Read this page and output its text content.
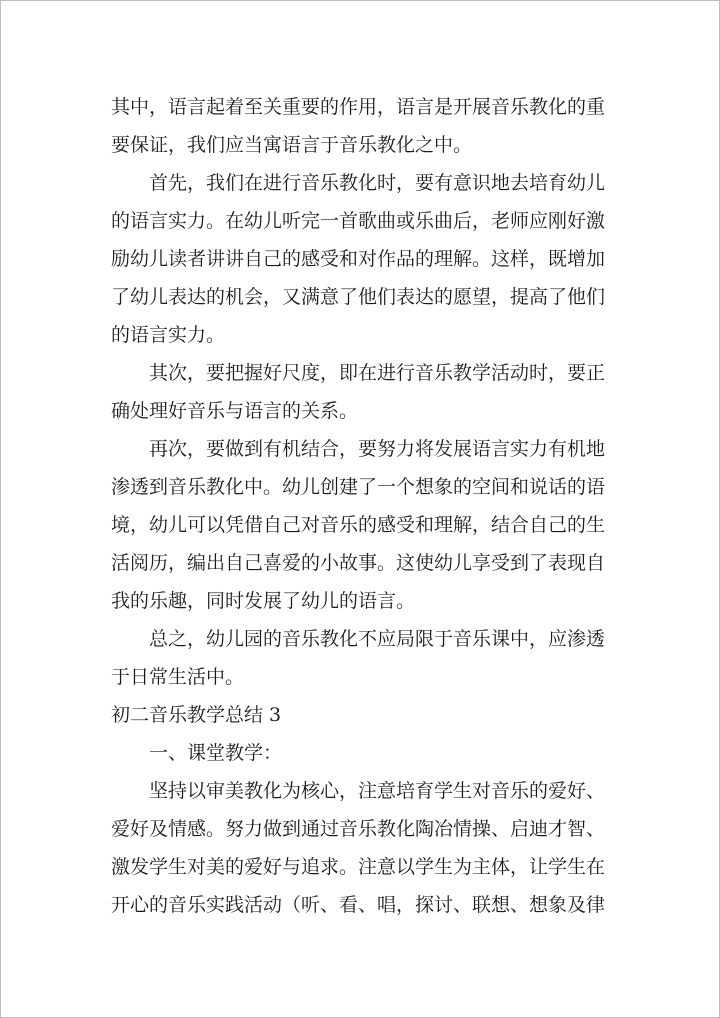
其中，语言起着至关重要的作用，语言是开展音乐教化的重
要保证，我们应当寓语言于音乐教化之中。
首先，我们在进行音乐教化时，要有意识地去培育幼儿
的语言实力。在幼儿听完一首歌曲或乐曲后，老师应刚好激
励幼儿读者讲讲自己的感受和对作品的理解。这样，既增加
了幼儿表达的机会，又满意了他们表达的愿望，提高了他们
的语言实力。
其次，要把握好尺度，即在进行音乐教学活动时，要正
确处理好音乐与语言的关系。
再次，要做到有机结合，要努力将发展语言实力有机地
渗透到音乐教化中。幼儿创建了一个想象的空间和说话的语
境，幼儿可以凭借自己对音乐的感受和理解，结合自己的生
活阅历，编出自己喜爱的小故事。这使幼儿享受到了表现自
我的乐趣，同时发展了幼儿的语言。
总之，幼儿园的音乐教化不应局限于音乐课中，应渗透
于日常生活中。
初二音乐教学总结 3
一、课堂教学：
坚持以审美教化为核心，注意培育学生对音乐的爱好、
爱好及情感。努力做到通过音乐教化陶冶情操、启迪才智、
激发学生对美的爱好与追求。注意以学生为主体，让学生在
开心的音乐实践活动（听、看、唱，探讨、联想、想象及律
